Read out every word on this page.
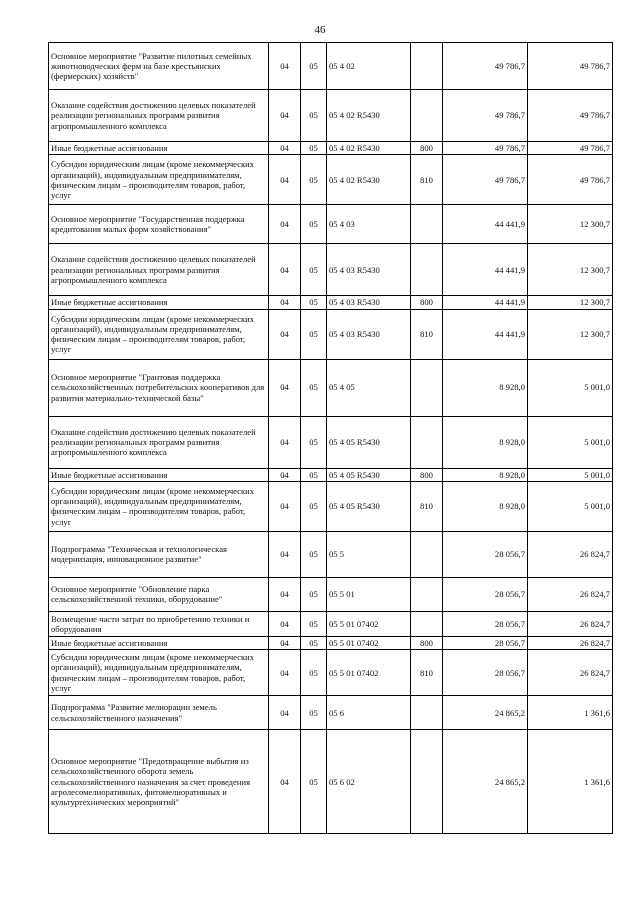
46
Основное мероприятие "Развитие пилотных семейных животноводческих ферм на базе крестьянских (фермерских) хозяйств"	04	05	05 4 02		49 786,7	49 786,7
Оказание содействия достижению целевых показателей реализации региональных программ развития агропромышленного комплекса	04	05	05 4 02 R5430		49 786,7	49 786,7
Иные бюджетные ассигнования	04	05	05 4 02 R5430	800	49 786,7	49 786,7
Субсидии юридическим лицам (кроме некоммерческих организаций), индивидуальным предпринимателям, физическим лицам – производителям товаров, работ, услуг	04	05	05 4 02 R5430	810	49 786,7	49 786,7
Основное мероприятие "Государственная поддержка кредитования малых форм хозяйствования"	04	05	05 4 03		44 441,9	12 300,7
Оказание содействия достижению целевых показателей реализации региональных программ развития агропромышленного комплекса	04	05	05 4 03 R5430		44 441,9	12 300,7
Иные бюджетные ассигнования	04	05	05 4 03 R5430	800	44 441,9	12 300,7
Субсидии юридическим лицам (кроме некоммерческих организаций), индивидуальным предпринимателям, физическим лицам – производителям товаров, работ, услуг	04	05	05 4 03 R5430	810	44 441,9	12 300,7
Основное мероприятие "Грантовая поддержка сельскохозяйственных потребительских кооперативов для развития материально-технической базы"	04	05	05 4 05		8 928,0	5 001,0
Оказание содействия достижению целевых показателей реализации региональных программ развития агропромышленного комплекса	04	05	05 4 05 R5430		8 928,0	5 001,0
Иные бюджетные ассигнования	04	05	05 4 05 R5430	800	8 928,0	5 001,0
Субсидии юридическим лицам (кроме некоммерческих организаций), индивидуальным предпринимателям, физическим лицам – производителям товаров, работ, услуг	04	05	05 4 05 R5430	810	8 928,0	5 001,0
Подпрограмма "Техническая и технологическая модернизация, инновационное развитие"	04	05	05 5		28 056,7	26 824,7
Основное мероприятие "Обновление парка сельскохозяйственной техники, оборудование"	04	05	05 5 01		28 056,7	26 824,7
Возмещение части затрат по приобретению техники и оборудования	04	05	05 5 01 07402		28 056,7	26 824,7
Иные бюджетные ассигнования	04	05	05 5 01 07402	800	28 056,7	26 824,7
Субсидии юридическим лицам (кроме некоммерческих организаций), индивидуальным предпринимателям, физическим лицам – производителям товаров, работ, услуг	04	05	05 5 01 07402	810	28 056,7	26 824,7
Подпрограмма "Развитие мелиорации земель сельскохозяйственного назначения"	04	05	05 6		24 865,2	1 361,6
Основное мероприятие "Предотвращение выбытия из сельскохозяйственного оборота земель сельскохозяйственного назначения за счет проведения агролесомелиоративных, фитомелиоративных и культуртехнических мероприятий"	04	05	05 6 02		24 865,2	1 361,6
